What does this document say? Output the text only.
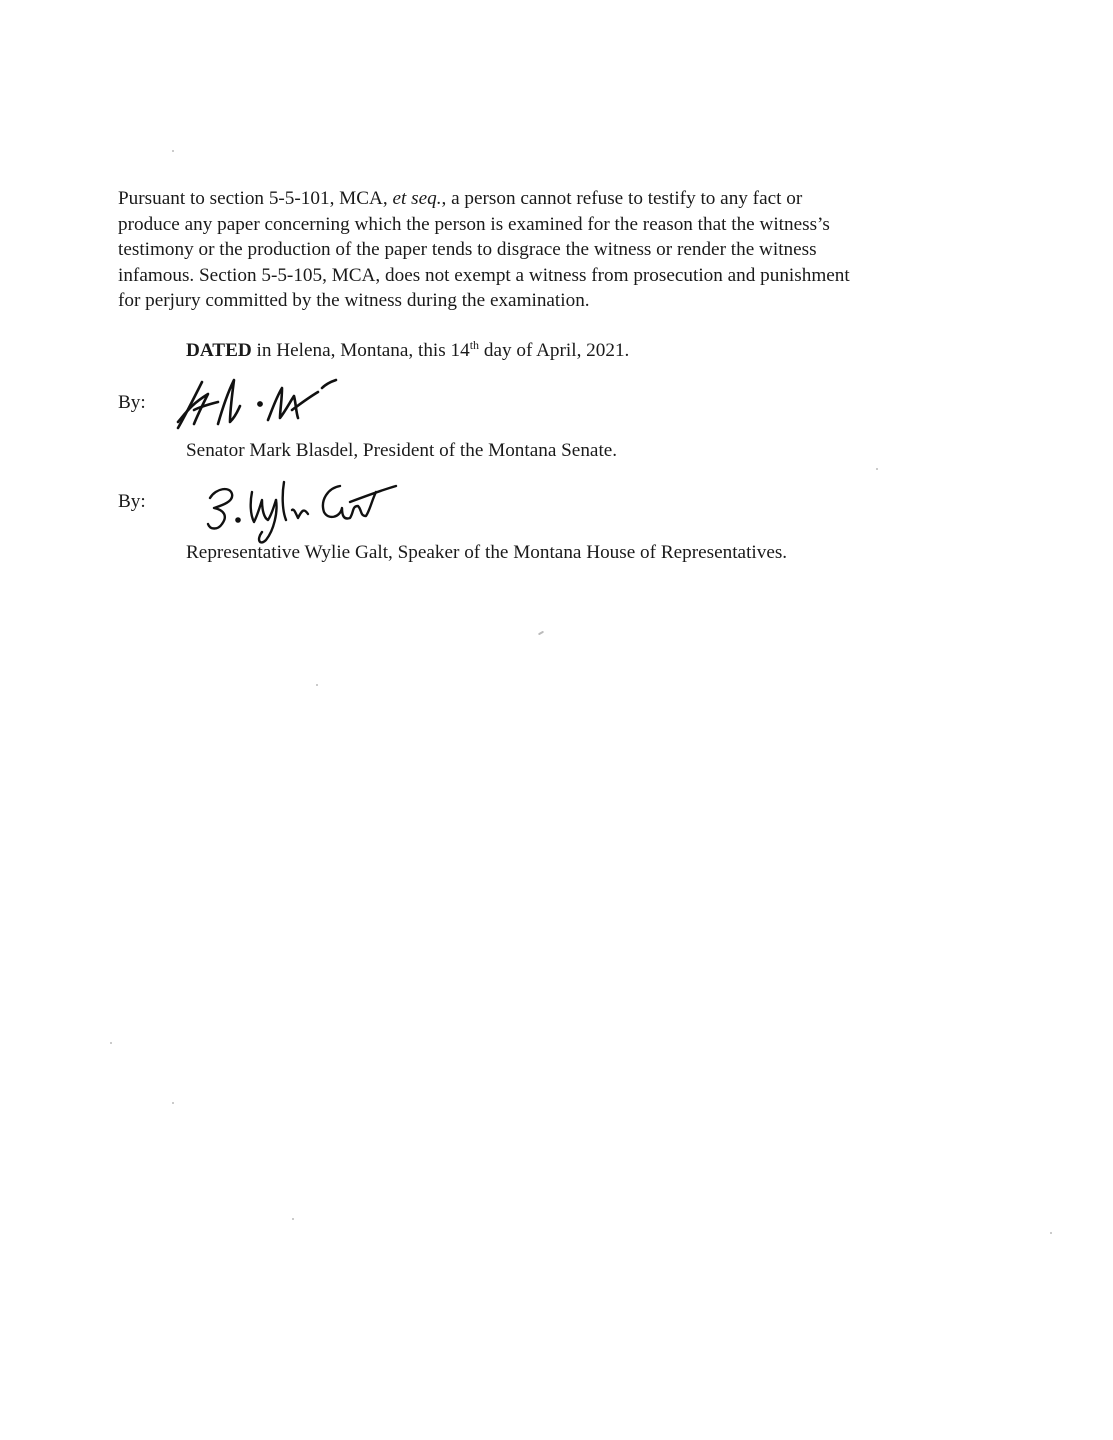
Pursuant to section 5-5-101, MCA, et seq., a person cannot refuse to testify to any fact or
produce any paper concerning which the person is examined for the reason that the witness’s
testimony or the production of the paper tends to disgrace the witness or render the witness
infamous. Section 5-5-105, MCA, does not exempt a witness from prosecution and punishment
for perjury committed by the witness during the examination.
DATED in Helena, Montana, this 14th day of April, 2021.
By:
Senator Mark Blasdel, President of the Montana Senate.
By:
Representative Wylie Galt, Speaker of the Montana House of Representatives.
